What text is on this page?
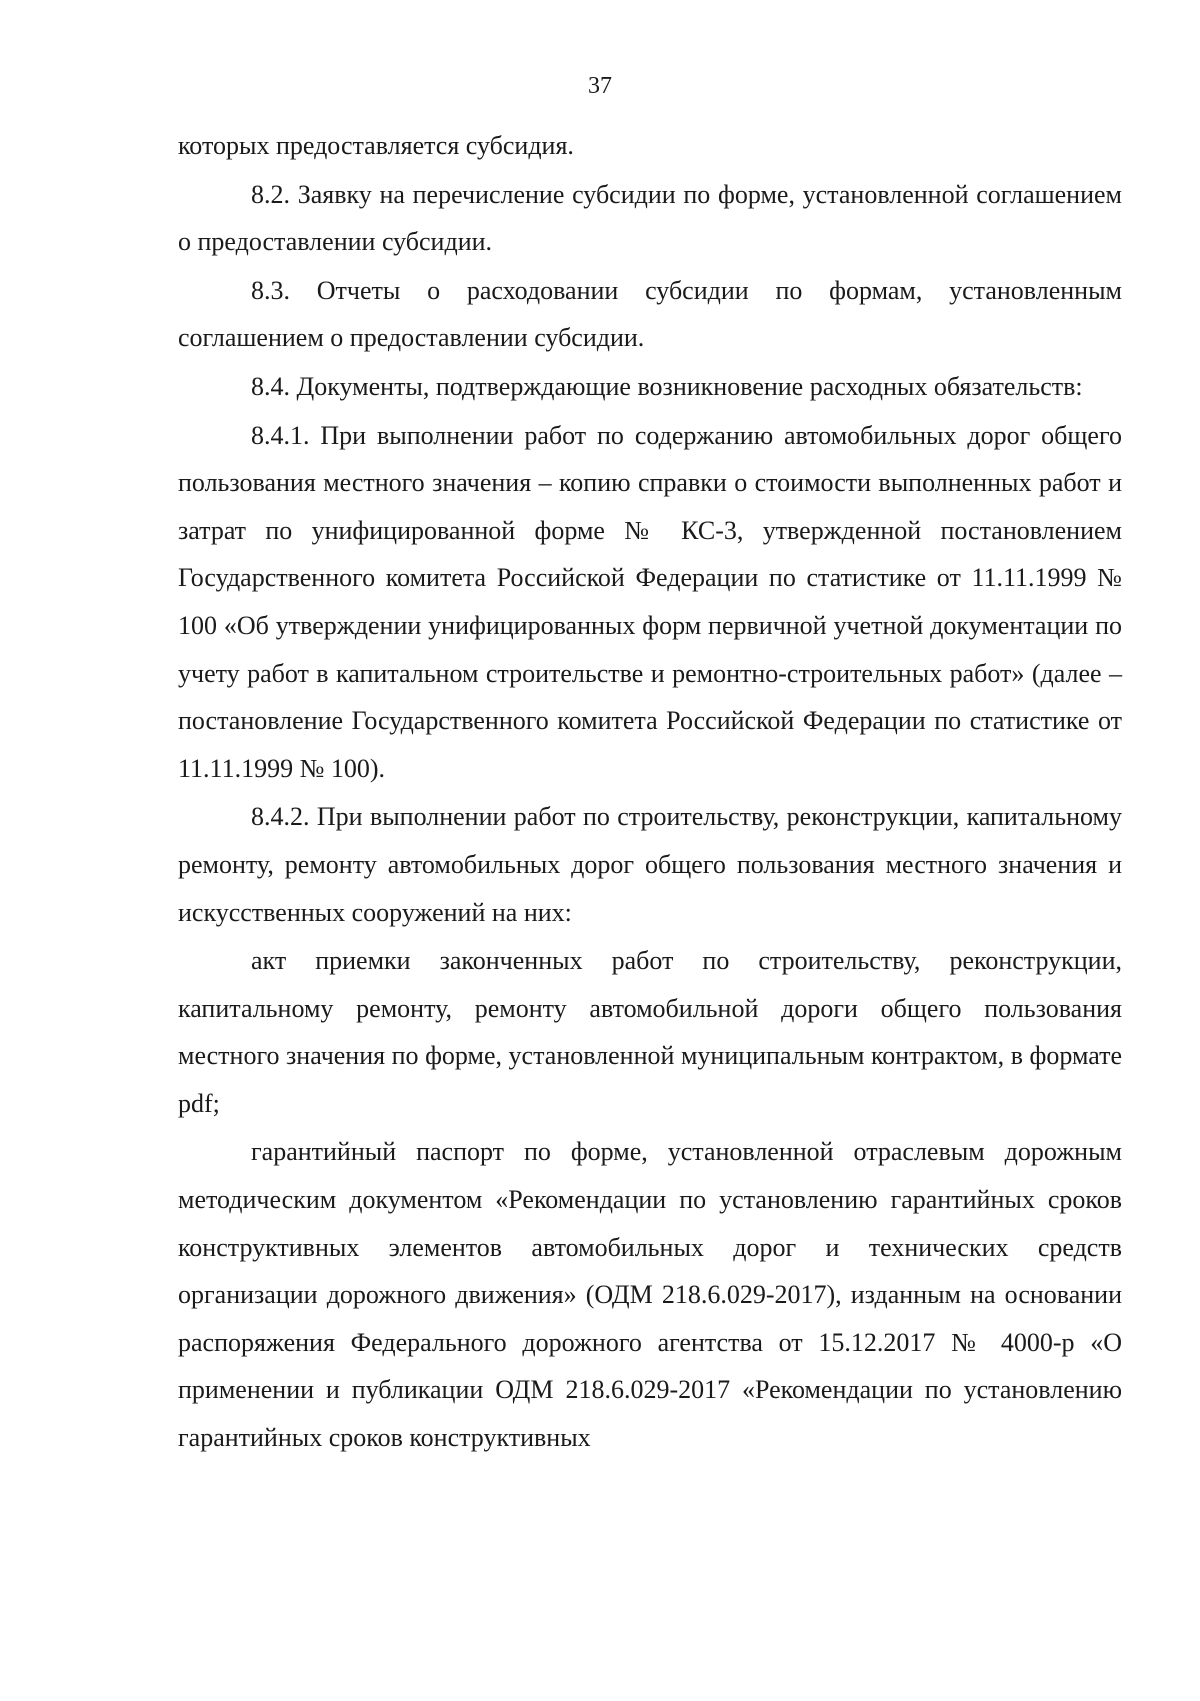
37

которых предоставляется субсидия.

8.2. Заявку на перечисление субсидии по форме, установленной соглашением о предоставлении субсидии.

8.3. Отчеты о расходовании субсидии по формам, установленным соглашением о предоставлении субсидии.

8.4. Документы, подтверждающие возникновение расходных обязательств:

8.4.1. При выполнении работ по содержанию автомобильных дорог общего пользования местного значения – копию справки о стоимости выполненных работ и затрат по унифицированной форме № КС-3, утвержденной постановлением Государственного комитета Российской Федерации по статистике от 11.11.1999 № 100 «Об утверждении унифицированных форм первичной учетной документации по учету работ в капитальном строительстве и ремонтно-строительных работ» (далее – постановление Государственного комитета Российской Федерации по статистике от 11.11.1999 № 100).

8.4.2. При выполнении работ по строительству, реконструкции, капитальному ремонту, ремонту автомобильных дорог общего пользования местного значения и искусственных сооружений на них:

акт приемки законченных работ по строительству, реконструкции, капитальному ремонту, ремонту автомобильной дороги общего пользования местного значения по форме, установленной муниципальным контрактом, в формате pdf;

гарантийный паспорт по форме, установленной отраслевым дорожным методическим документом «Рекомендации по установлению гарантийных сроков конструктивных элементов автомобильных дорог и технических средств организации дорожного движения» (ОДМ 218.6.029-2017), изданным на основании распоряжения Федерального дорожного агентства от 15.12.2017 № 4000-р «О применении и публикации ОДМ 218.6.029-2017 «Рекомендации по установлению гарантийных сроков конструктивных
